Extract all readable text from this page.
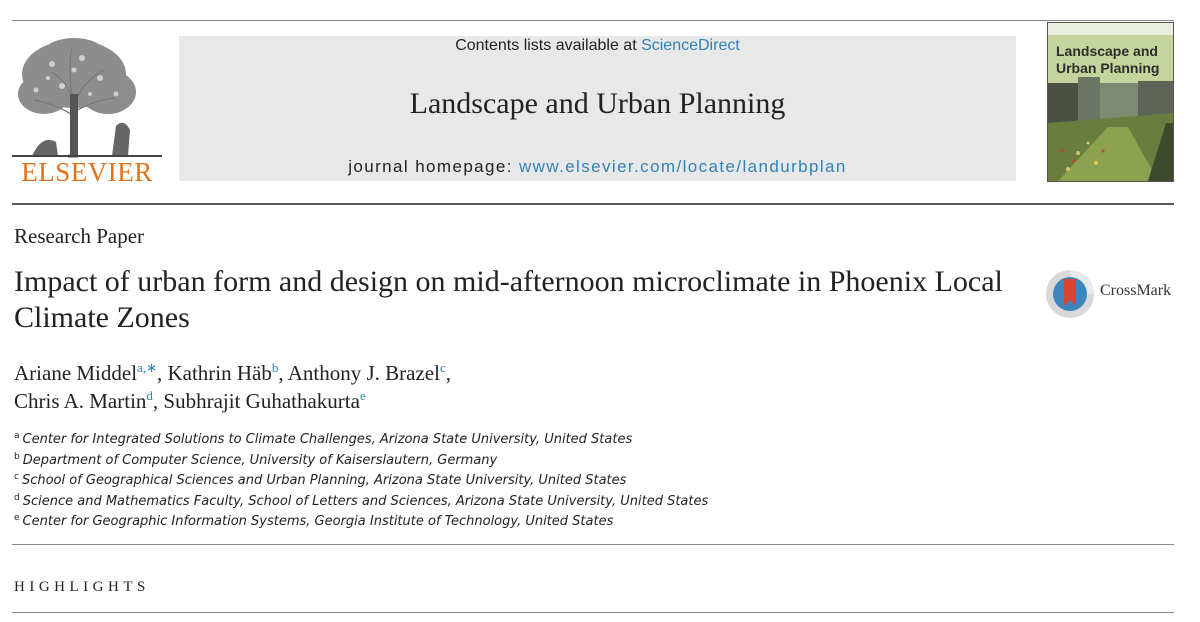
ELSEVIER
Contents lists available at ScienceDirect
Landscape and Urban Planning
journal homepage: www.elsevier.com/locate/landurbplan
Landscape and Urban Planning
Research Paper
Impact of urban form and design on mid-afternoon microclimate in Phoenix Local Climate Zones
CrossMark
Ariane Middel$^{a,∗}$, Kathrin Häb$^b$, Anthony J. Brazel$^c$,
Chris A. Martin$^d$, Subhrajit Guhathakurta$^e$
$^a$ Center for Integrated Solutions to Climate Challenges, Arizona State University, United States
$^b$ Department of Computer Science, University of Kaiserslautern, Germany
$^c$ School of Geographical Sciences and Urban Planning, Arizona State University, United States
$^d$ Science and Mathematics Faculty, School of Letters and Sciences, Arizona State University, United States
$^e$ Center for Geographic Information Systems, Georgia Institute of Technology, United States
HIGHLIGHTS
